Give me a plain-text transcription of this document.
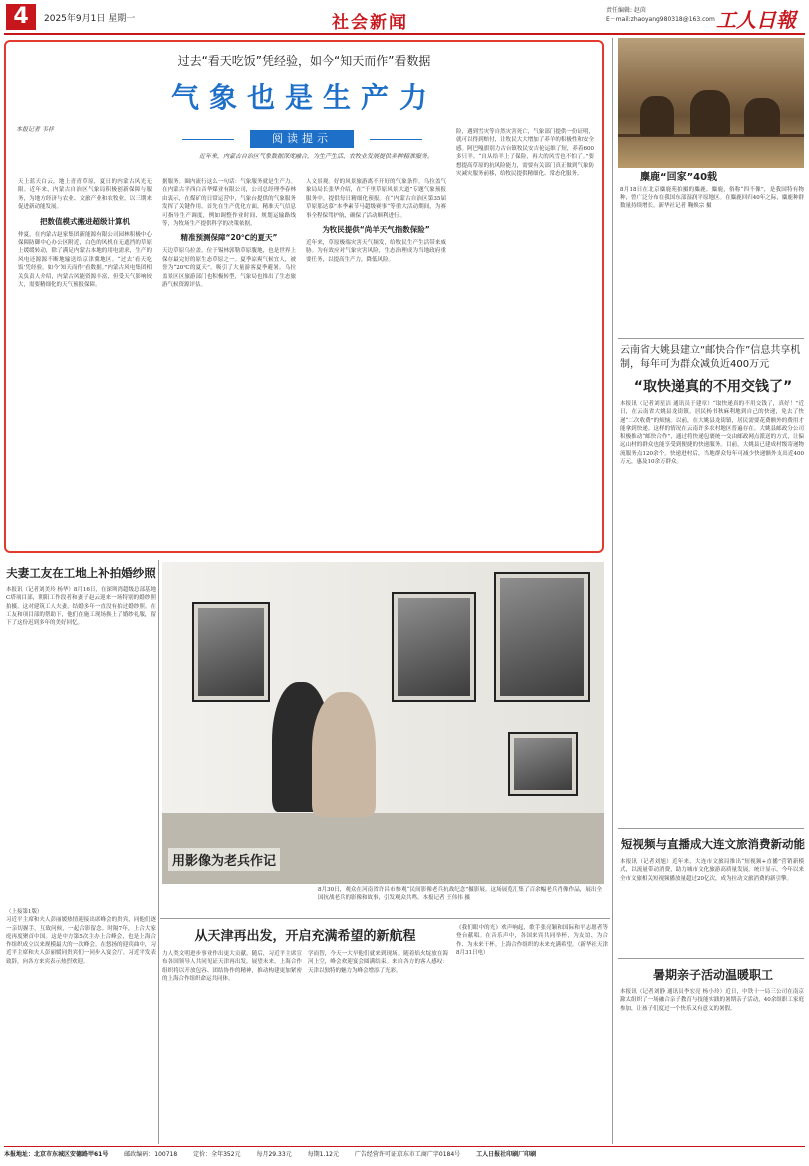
4	2025年9月1日 星期一	社会新闻
责任编辑: 赵茵
E－mail:zhaoyang980318@163.com 工人日報
过去“看天吃饭”凭经验，如今“知天而作”看数据
气象也是生产力
本报记者 韦祥
阅读提示
近年来，内蒙古自治区气象数据深度融合，为生产生活、农牧业发展提供多种精准服务。

天上蓝天白云，地上青青草原，夏日的内蒙古风光无限。近年来，内蒙古自治区气象局积极创新保障与服务，为地方经济与农业、文旅产业和农牧业，以三期来促进新动能发展。

把数值模式搬进超级计算机

仲夏，在内蒙古赵家集团新能源有限公司园林积极中心保障防御中心办公区附近，白色的风机在无遮挡的草原上缓缓转动，除了满足内蒙古本地的用电需求，生产的风电还源源不断地输送给京津冀地区。“过去‘看天吃饭’凭经验，如今‘知天而作’看数据。”内蒙古风电集团相关负责人介绍，内蒙古风能资源丰富，但受天气影响较大，需要精细化的天气预报保障。

据服务。圈内流行这么一句话：气象服务就是生产力。在内蒙古平西白音华煤业有限公司，公司总经理李春林由衷示，在煤矿的日常运营中，气象台提供的气象服务发挥了关键作用。首先在生产优化方面，精准天气信息可指导生产调度，例如调整作业时间、规划运输路线等，为牧场生产提供科学的决策依据。

精准预测保障“20℃的夏天”

天边草原乌拉盖，位于锡林郭勒草原腹地，也是世界上保存最完好的原生态草原之一。夏季凉爽气候宜人，被誉为“20℃的夏天”，吸引了大量游客夏季避暑。乌拉盖景区区旅游部门也积极转型，气象局也推出了生态旅游气候资源评估。

人文景观。好的风景旅游离不开好的气象条件。乌拉盖气象局局长张华介绍，在“千里草原风景大道”专题气象预报服务中，提供每日精细化预报。在“内蒙古自治区第35届草原那达慕”本季素节马超级赛事“等重大活动期间，为赛事全程保驾护航，确保了活动顺利进行。

为牧民提供“尚羊天气指数保险”

近年来，草原极端灾害天气频发，给牧民生产生活带来威胁。为有效应对气象灾害风险，生态治理成为当地政府重要任务，以提高生产力，降低风险。

险，遇到雪灾等自然灾害死亡，气象部门提供一份证明，就可以得到赔付，让牧民大大增加了养羊的积极性和安全感。阿巴嘎旗别力古台镇牧民安吉伦运维了短，养着600多只羊。“自从给羊上了保险，再大的风雪也不怕了。”要想提高草原的抗风险能力，需要有关部门真正做到气象防灾减灾服务前移，给牧民提供精细化、常态化服务。	麋鹿“回家”40载
8月18日在北京麋鹿苑拍摄的麋鹿。麋鹿，俗称“四不像”，是我国特有物种，曾广泛分布在我国东部湿润平原地区。在麋鹿回归40年之际，麋鹿种群数量持续增长。新华社记者 鞠焕宗 摄
云南省大姚县建立“邮快合作”信息共享机制，每年可为群众减负近400万元
“取快递真的不用交钱了”

本报讯（记者刘星洁 通讯员于建章）“取快递真的不用交钱了，真好！”近日，在云南省大姚县龙街镇，居民杨书秋麻利地到自己的快递，免去了快递“二次收费”的烦恼。以前，在大姚县龙街镇，居民需要花费额外的费用才能拿到快递。这样的情况在云南许多农村地区普遍存在。大姚县邮政分公司积极推动“邮快合作”，通过将快递包裹统一交由邮政网点派送的方式，让偏远山村的群众也能享受到便捷的快递服务。目前，大姚县已建成村级寄递物流服务点120余个。快递进村后，当地群众每年可减少快递额外支出近400万元，惠及10余万群众。

短视频与直播成大连文旅消费新动能

本报讯（记者刘旭）近年来，大连市文旅局推出“短视频+直播”营销新模式，以流量带动消费，助力城市文化旅游高质量发展。统计显示，今年以来全市文旅相关短视频播放量超过20亿次，成为拉动文旅消费的新引擎。

暑期亲子活动温暖职工

本报讯（记者刘静 通讯员李宏亮 杨小玲）近日，中铁十一局三公司在南京滁太组织了一场融合亲子教育与技能实践的暑期亲子活动，40余组职工家庭参加，让孩子们度过一个快乐又有意义的暑假。

夫妻工友在工地上补拍婚纱照

本报讯（记者刘美玲 杨华）8月16日，在深圳湾超级总部基地C塔项目部，朝阳工作段者和妻子赵云迎来一场特别的婚纱照拍摄。这对建筑工人夫妻，结婚多年一直没有拍过婚纱照。在工友和项目部的帮助下，他们在施工现场换上了婚纱礼服，留下了这份迟到多年的美好回忆。

用影像为老兵作记
8月30日，观众在河南省许昌市参观“民间影像老兵抗战纪念”摄影展。这场展览汇集了百余幅老兵肖像作品，展出全国抗战老兵的影像和故事，引发观众共鸣。本报记者 王伟伟 摄

（上接第1版）

习近平主席和夫人彭丽媛热情迎接出席峰会的贵宾，同他们逐一亲切握手，互致问候，一起合影留念。时隔7年，上合大家庭再度聚首中国。这是中方第5次主办上合峰会，也是上海合作组织成立以来规模最大的一次峰会。在悠扬的迎宾曲中，习近平主席和夫人彭丽媛同贵宾们一同步入宴会厅。习近平发表致辞，向各方来宾表示热烈欢迎。

从天津再出发，开启充满希望的新航程

力人类文明进步事业作出更大贡献。随后，习近平主席宣布各国领导人共同见证天津再出发。展望未来，上海合作组织将以开放包容、团结协作的精神，推动构建更加紧密的上海合作组织命运共同体。

学而智，今天一大早他们就来到现场。随着焰火绽放在海河上空，峰会欢迎宴会圆满结束。来自各方的客人感叹：天津以独特的魅力为峰会增添了光彩。

《我们眼中的光》欢声响起，歌手张亮颖和国际和平志愿者等登台献唱。在音乐声中，各国来宾共同举杯，为友谊、为合作、为未来干杯。上海合作组织的未来充满希望。（新华社天津8月31日电）

本报地址：北京市东城区安德路甲61号	邮政编码：100718	定价：全年352元	每月29.33元	每期1.12元	广告经营许可证京东市工商广字0184号	工人日报社印刷厂印刷
